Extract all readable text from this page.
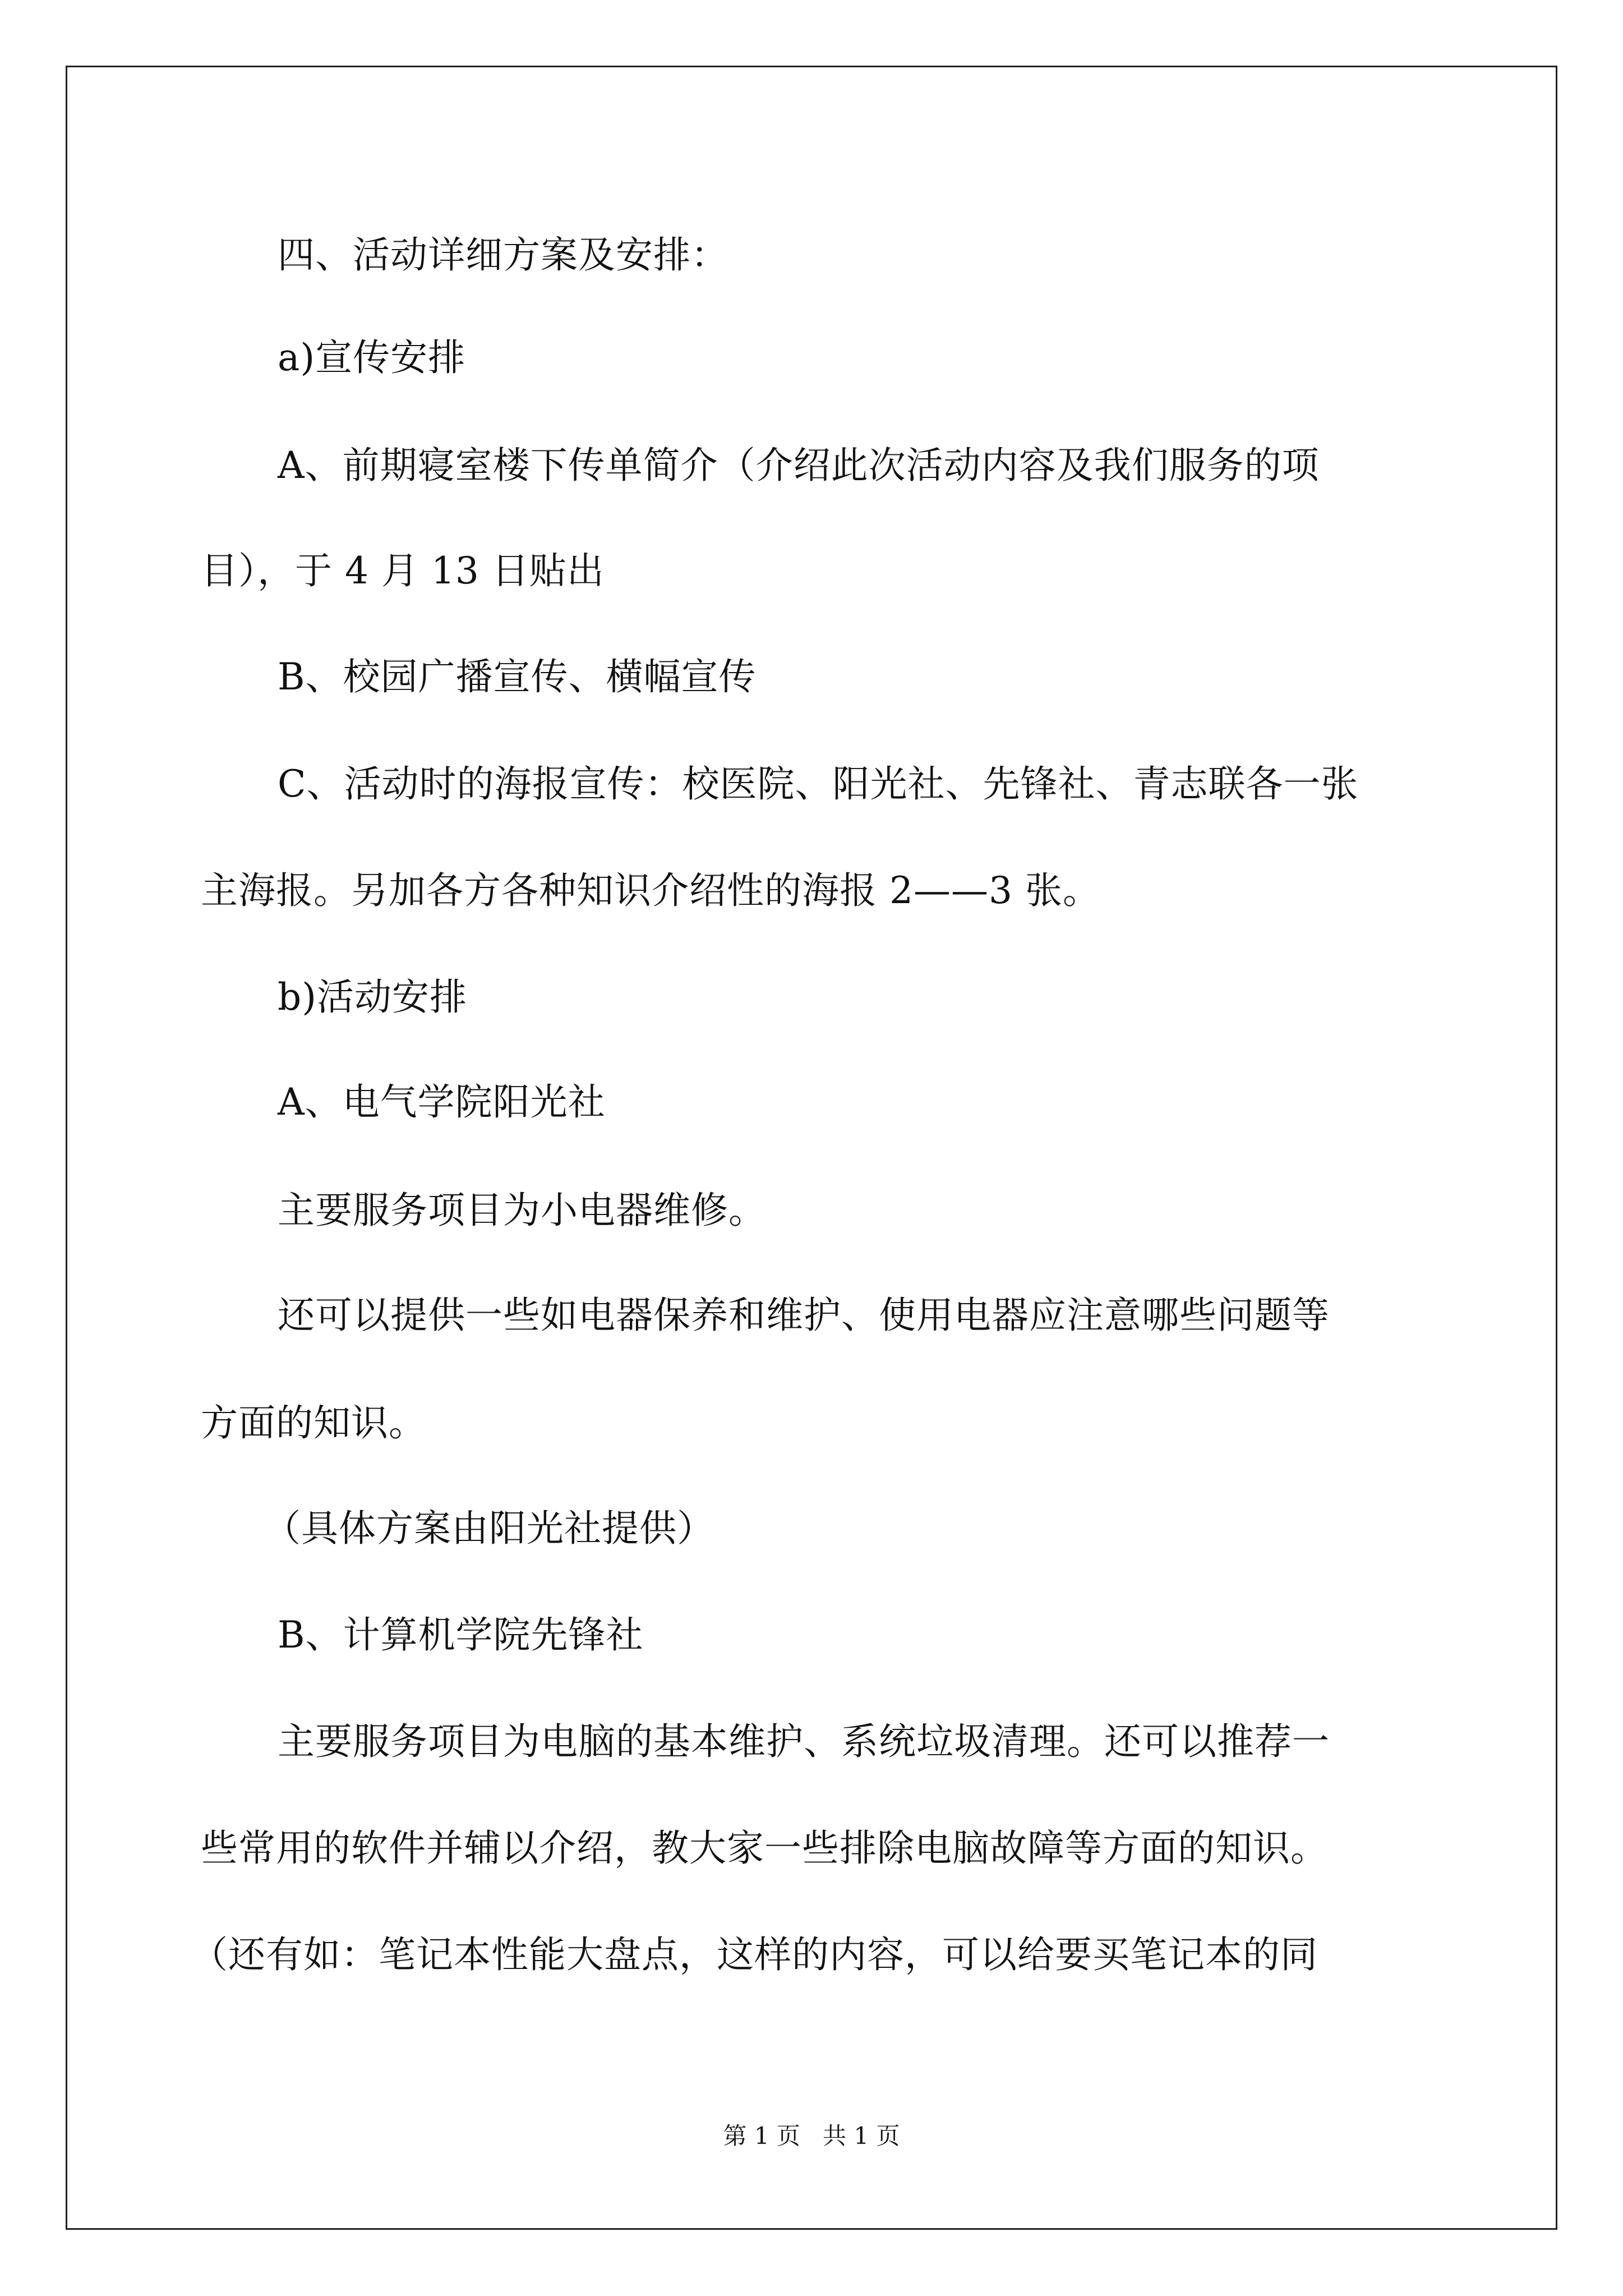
四、活动详细方案及安排：
a)宣传安排
A、前期寝室楼下传单简介（介绍此次活动内容及我们服务的项
目），于 4 月 13 日贴出
B、校园广播宣传、横幅宣传
C、活动时的海报宣传：校医院、阳光社、先锋社、青志联各一张
主海报。另加各方各种知识介绍性的海报 2——3 张。
b)活动安排
A、电气学院阳光社
主要服务项目为小电器维修。
还可以提供一些如电器保养和维护、使用电器应注意哪些问题等
方面的知识。
（具体方案由阳光社提供）
B、计算机学院先锋社
主要服务项目为电脑的基本维护、系统垃圾清理。还可以推荐一
些常用的软件并辅以介绍，教大家一些排除电脑故障等方面的知识。
（还有如：笔记本性能大盘点，这样的内容，可以给要买笔记本的同
第 1 页   共 1 页
